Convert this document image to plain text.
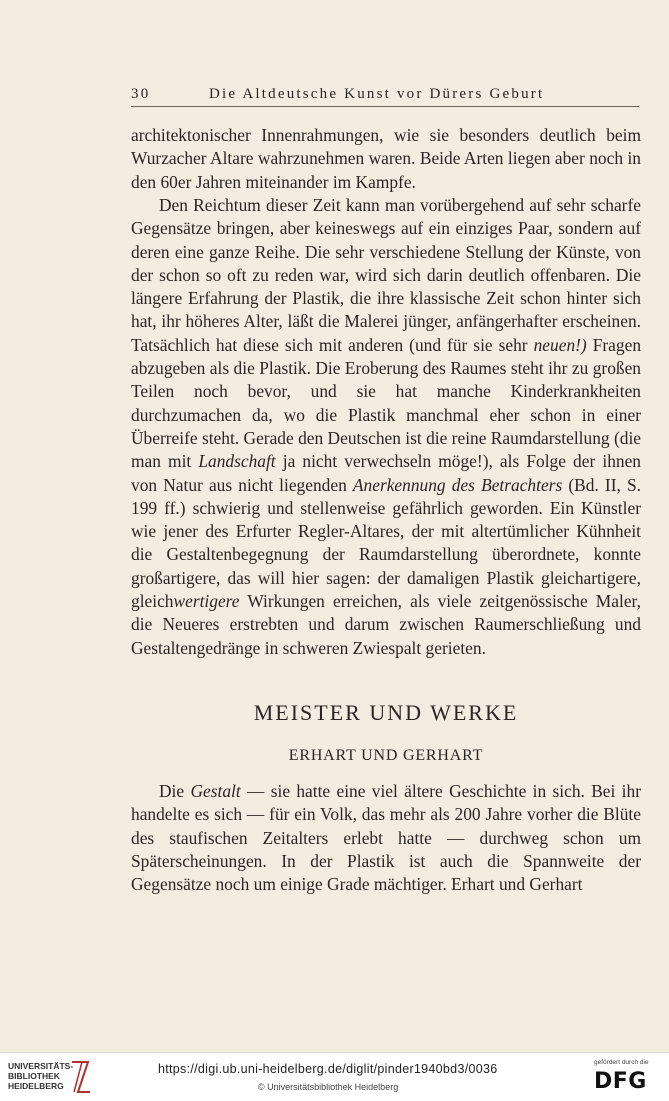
30	Die Altdeutsche Kunst vor Dürers Geburt

architektonischer Innenrahmungen, wie sie besonders deutlich beim Wurzacher Altare wahrzunehmen waren. Beide Arten liegen aber noch in den 60er Jahren miteinander im Kampfe.

Den Reichtum dieser Zeit kann man vorübergehend auf sehr scharfe Gegensätze bringen, aber keineswegs auf ein einziges Paar, sondern auf deren eine ganze Reihe. Die sehr verschiedene Stellung der Künste, von der schon so oft zu reden war, wird sich darin deutlich offenbaren. Die längere Erfahrung der Plastik, die ihre klassische Zeit schon hinter sich hat, ihr höheres Alter, läßt die Malerei jünger, anfängerhafter erscheinen. Tatsächlich hat diese sich mit anderen (und für sie sehr neuen!) Fragen abzugeben als die Plastik. Die Eroberung des Raumes steht ihr zu großen Teilen noch bevor, und sie hat manche Kinderkrankheiten durchzumachen da, wo die Plastik manchmal eher schon in einer Überreife steht. Gerade den Deutschen ist die reine Raumdarstellung (die man mit Landschaft ja nicht verwechseln möge!), als Folge der ihnen von Natur aus nicht liegenden Anerkennung des Betrachters (Bd. II, S. 199 ff.) schwierig und stellenweise gefährlich geworden. Ein Künstler wie jener des Erfurter Regler-Altares, der mit altertümlicher Kühnheit die Gestaltenbegegnung der Raumdarstellung überordnete, konnte großartigere, das will hier sagen: der damaligen Plastik gleichartigere, gleichwertigere Wirkungen erreichen, als viele zeitgenössische Maler, die Neueres erstrebten und darum zwischen Raumerschließung und Gestaltengedränge in schweren Zwiespalt gerieten.

MEISTER UND WERKE
ERHART UND GERHART

Die Gestalt — sie hatte eine viel ältere Geschichte in sich. Bei ihr handelte es sich — für ein Volk, das mehr als 200 Jahre vorher die Blüte des staufischen Zeitalters erlebt hatte — durchweg schon um Späterscheinungen. In der Plastik ist auch die Spannweite der Gegensätze noch um einige Grade mächtiger. Erhart und Gerhart

UNIVERSITÄTS-
BIBLIOTHEK
HEIDELBERG
https://digi.ub.uni-heidelberg.de/diglit/pinder1940bd3/0036
© Universitätsbibliothek Heidelberg
gefördert durch die
DFG
